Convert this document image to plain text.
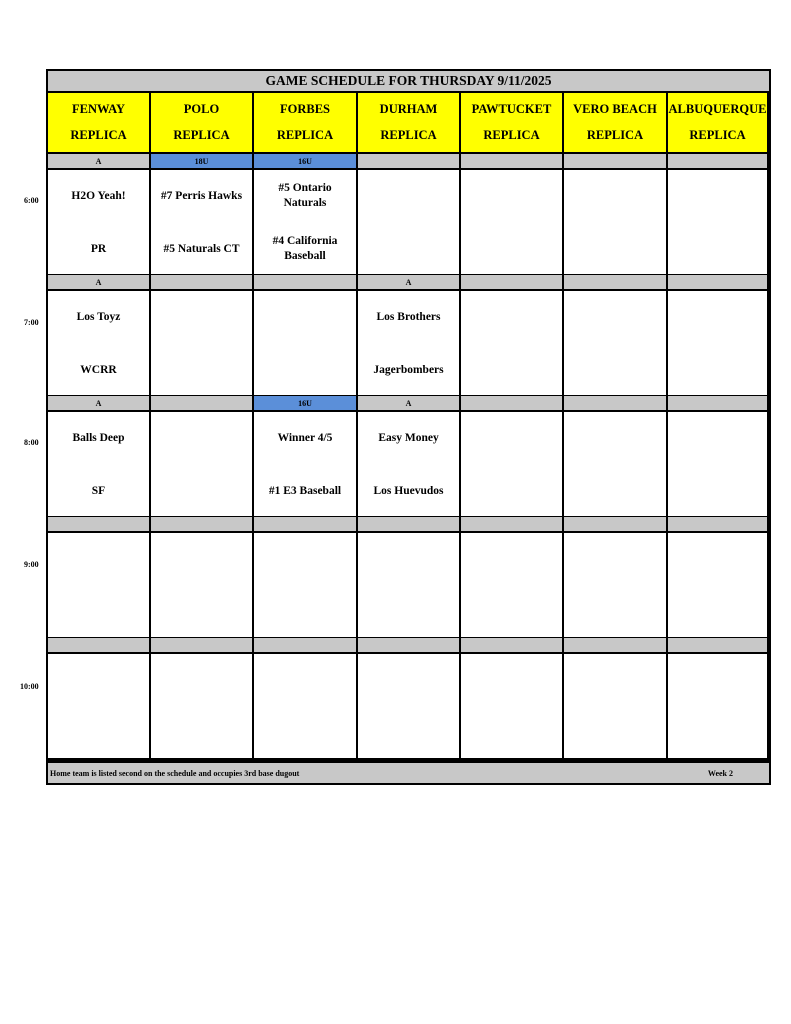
GAME SCHEDULE FOR THURSDAY 9/11/2025
FENWAY
REPLICA
POLO
REPLICA
FORBES
REPLICA
DURHAM
REPLICA
PAWTUCKET
REPLICA
VERO BEACH
REPLICA
ALBUQUERQUE
REPLICA
A
H2O Yeah!
PR
18U
#7 Perris Hawks
#5 Naturals CT
16U
#5 Ontario Naturals
#4 California Baseball
A
Los Toyz
WCRR
A
Los Brothers
Jagerbombers
A
Balls Deep
SF
16U
Winner 4/5
#1 E3 Baseball
A
Easy Money
Los Huevudos
Home team is listed second on the schedule and occupies 3rd base dugout	Week 2
6:00
7:00
8:00
9:00
10:00
